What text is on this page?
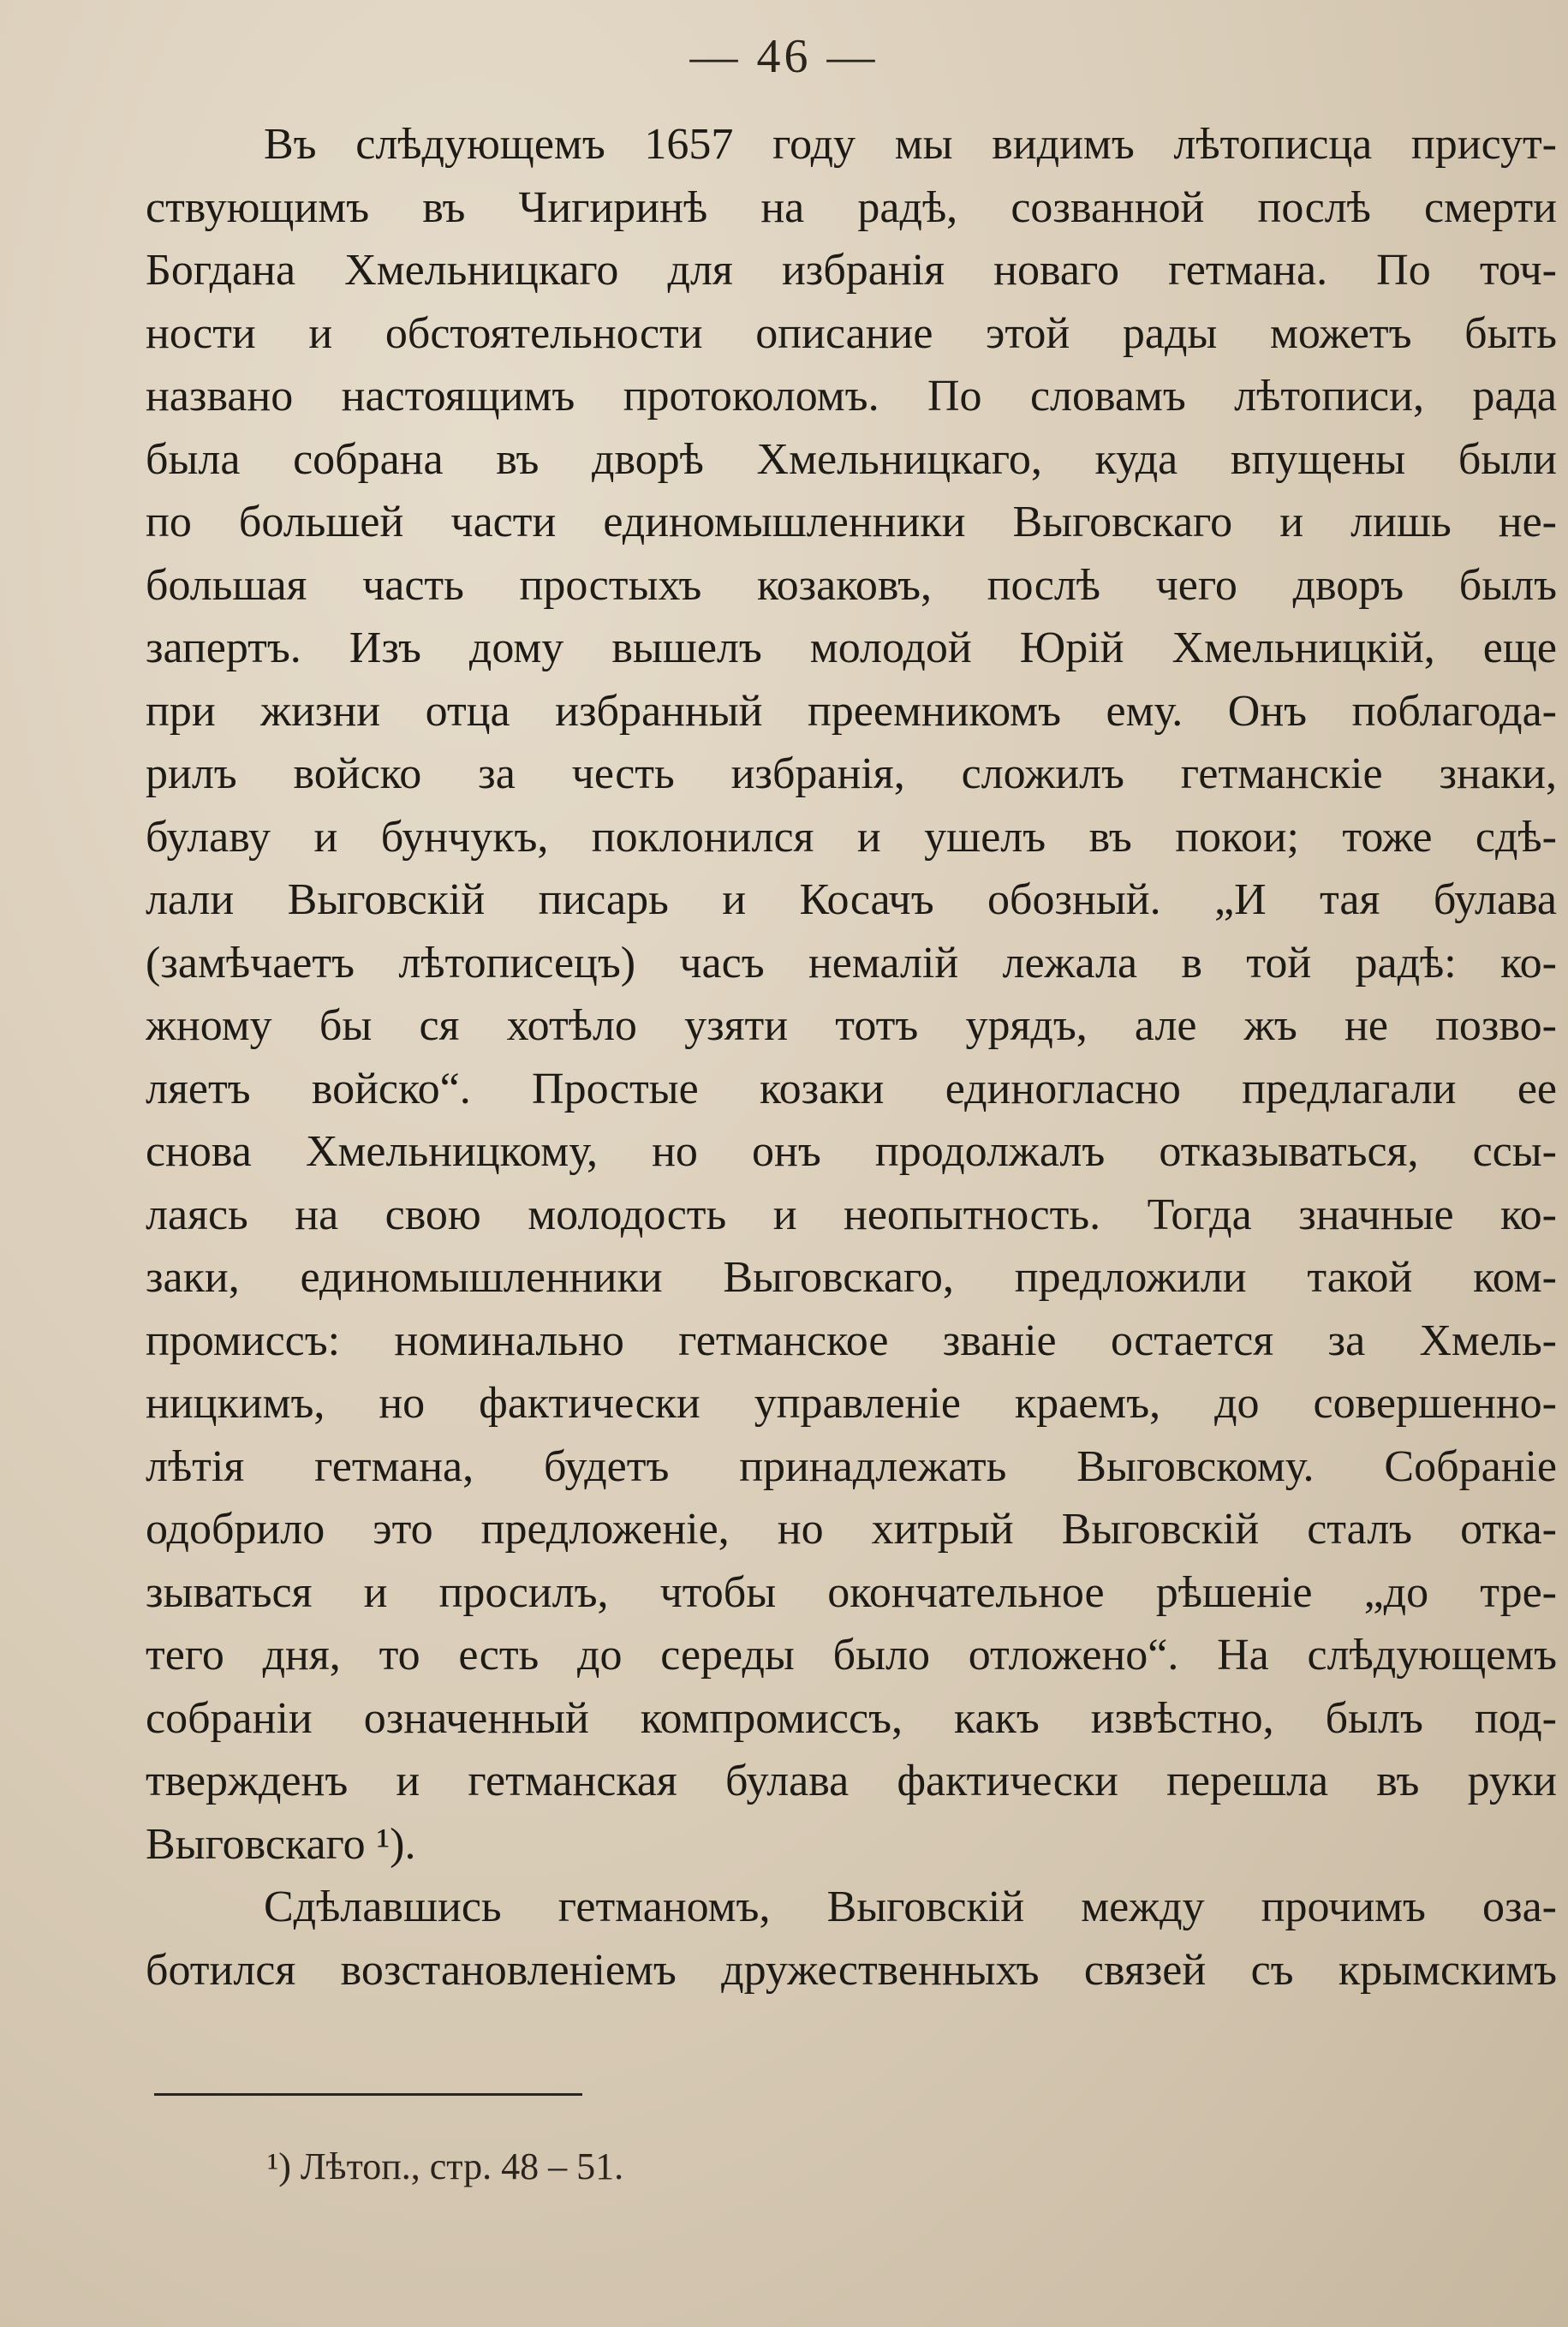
— 46 —
Въ слѣдующемъ 1657 году мы видимъ лѣтописца присут-
ствующимъ въ Чигиринѣ на радѣ, созванной послѣ смерти
Богдана Хмельницкаго для избранія новаго гетмана. По точ-
ности и обстоятельности описание этой рады можетъ быть
названо настоящимъ протоколомъ. По словамъ лѣтописи, рада
была собрана въ дворѣ Хмельницкаго, куда впущены были
по большей части единомышленники Выговскаго и лишь не-
большая часть простыхъ козаковъ, послѣ чего дворъ былъ
запертъ. Изъ дому вышелъ молодой Юрій Хмельницкій, еще
при жизни отца избранный преемникомъ ему. Онъ поблагода-
рилъ войско за честь избранія, сложилъ гетманскіе знаки,
булаву и бунчукъ, поклонился и ушелъ въ покои; тоже сдѣ-
лали Выговскій писарь и Косачъ обозный. „И тая булава
(замѣчаетъ лѣтописецъ) часъ немалій лежала в той радѣ: ко-
жному бы ся хотѣло узяти тотъ урядъ, але жъ не позво-
ляетъ войско“. Простые козаки единогласно предлагали ее
снова Хмельницкому, но онъ продолжалъ отказываться, ссы-
лаясь на свою молодость и неопытность. Тогда значные ко-
заки, единомышленники Выговскаго, предложили такой ком-
промиссъ: номинально гетманское званіе остается за Хмель-
ницкимъ, но фактически управленіе краемъ, до совершенно-
лѣтія гетмана, будетъ принадлежать Выговскому. Собраніе
одобрило это предложеніе, но хитрый Выговскій сталъ отка-
зываться и просилъ, чтобы окончательное рѣшеніе „до тре-
тего дня, то есть до середы было отложено“. На слѣдующемъ
собраніи означенный компромиссъ, какъ извѣстно, былъ под-
твержденъ и гетманская булава фактически перешла въ руки
Выговскаго ¹).
Сдѣлавшись гетманомъ, Выговскій между прочимъ оза-
ботился возстановленіемъ дружественныхъ связей съ крымскимъ
¹) Лѣтоп., стр. 48 – 51.
